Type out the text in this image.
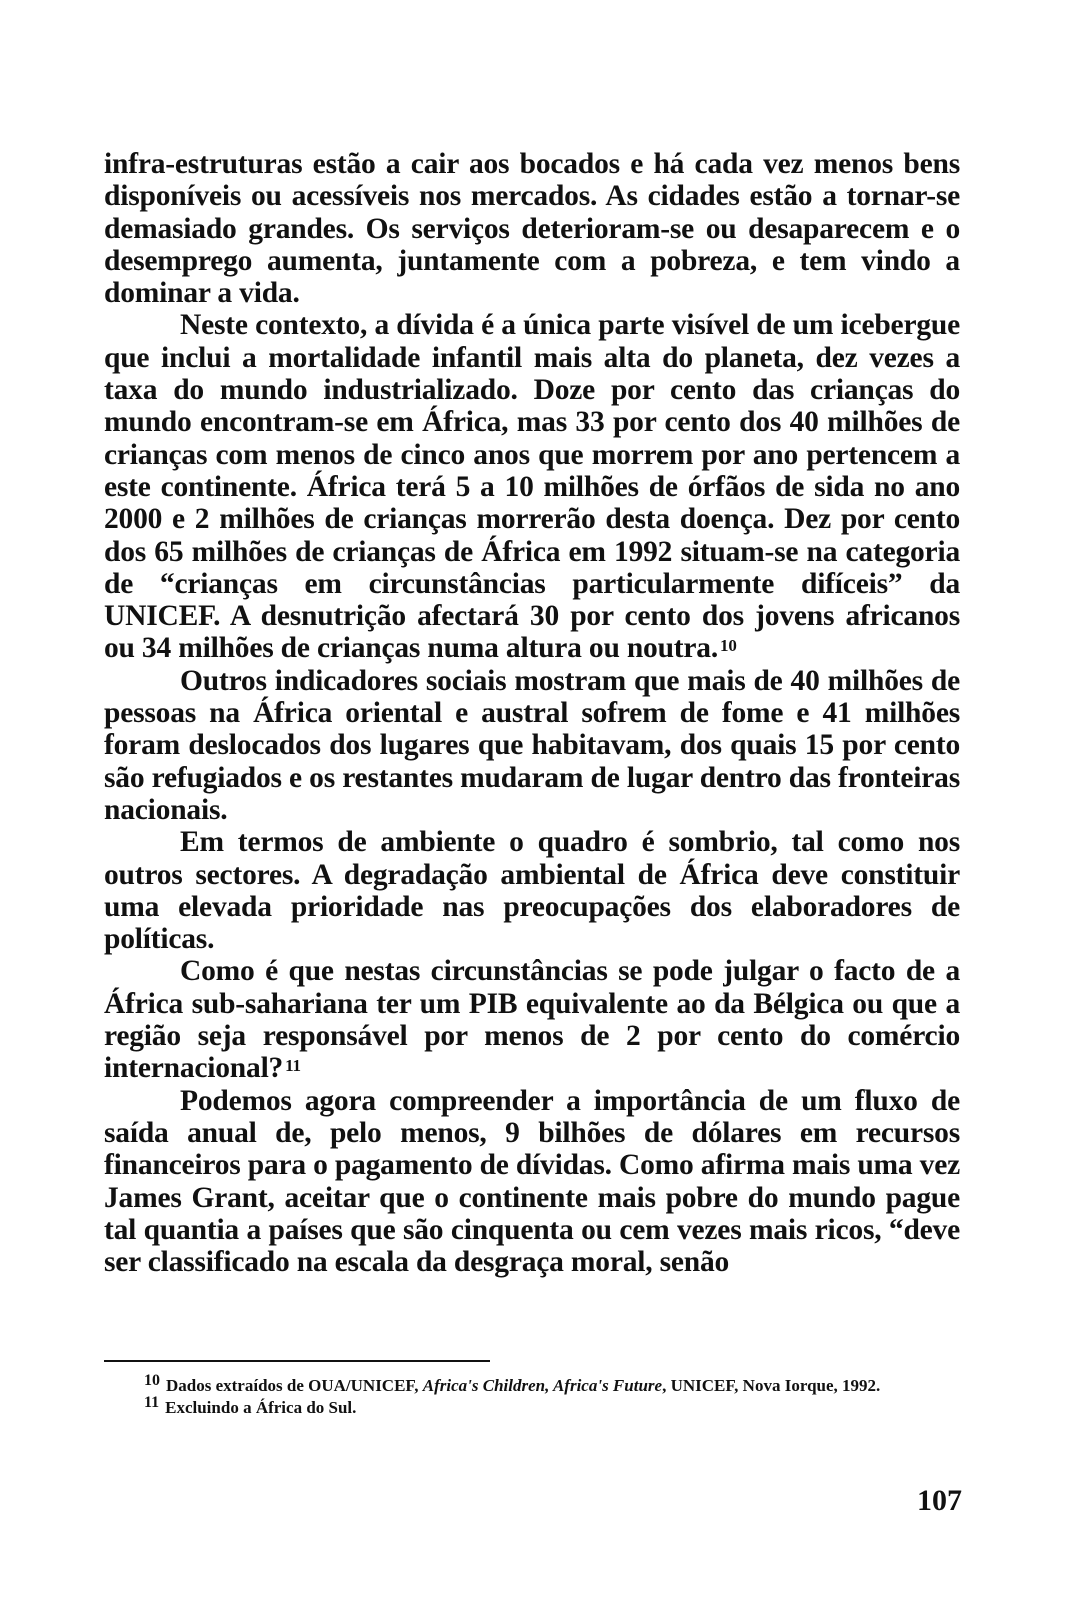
infra-estruturas estão a cair aos bocados e há cada vez menos bens disponíveis ou acessíveis nos mercados. As cidades estão a tornar-se demasiado grandes. Os serviços deterioram-se ou desaparecem e o desemprego aumenta, juntamente com a pobreza, e tem vindo a dominar a vida.

Neste contexto, a dívida é a única parte visível de um icebergue que inclui a mortalidade infantil mais alta do planeta, dez vezes a taxa do mundo industrializado. Doze por cento das crianças do mundo encontram-se em África, mas 33 por cento dos 40 milhões de crianças com menos de cinco anos que morrem por ano pertencem a este continente. África terá 5 a 10 milhões de órfãos de sida no ano 2000 e 2 milhões de crianças morrerão desta doença. Dez por cento dos 65 milhões de crianças de África em 1992 situam-se na categoria de “crianças em circunstâncias particularmente difíceis” da UNICEF. A desnutrição afectará 30 por cento dos jovens africanos ou 34 milhões de crianças numa altura ou noutra. $^{10}$

Outros indicadores sociais mostram que mais de 40 milhões de pessoas na África oriental e austral sofrem de fome e 41 milhões foram deslocados dos lugares que habitavam, dos quais 15 por cento são refugiados e os restantes mudaram de lugar dentro das fronteiras nacionais.

Em termos de ambiente o quadro é sombrio, tal como nos outros sectores. A degradação ambiental de África deve constituir uma elevada prioridade nas preocupações dos elaboradores de políticas.

Como é que nestas circunstâncias se pode julgar o facto de a África sub-sahariana ter um PIB equivalente ao da Bélgica ou que a região seja responsável por menos de 2 por cento do comércio internacional? $^{11}$

Podemos agora compreender a importância de um fluxo de saída anual de, pelo menos, 9 bilhões de dólares em recursos financeiros para o pagamento de dívidas. Como afirma mais uma vez James Grant, aceitar que o continente mais pobre do mundo pague tal quantia a países que são cinquenta ou cem vezes mais ricos, “deve ser classificado na escala da desgraça moral, senão

$^{10}$ Dados extraídos de OUA/UNICEF, Africa's Children, Africa's Future, UNICEF, Nova Iorque, 1992.

$^{11}$ Excluindo a África do Sul.

107
